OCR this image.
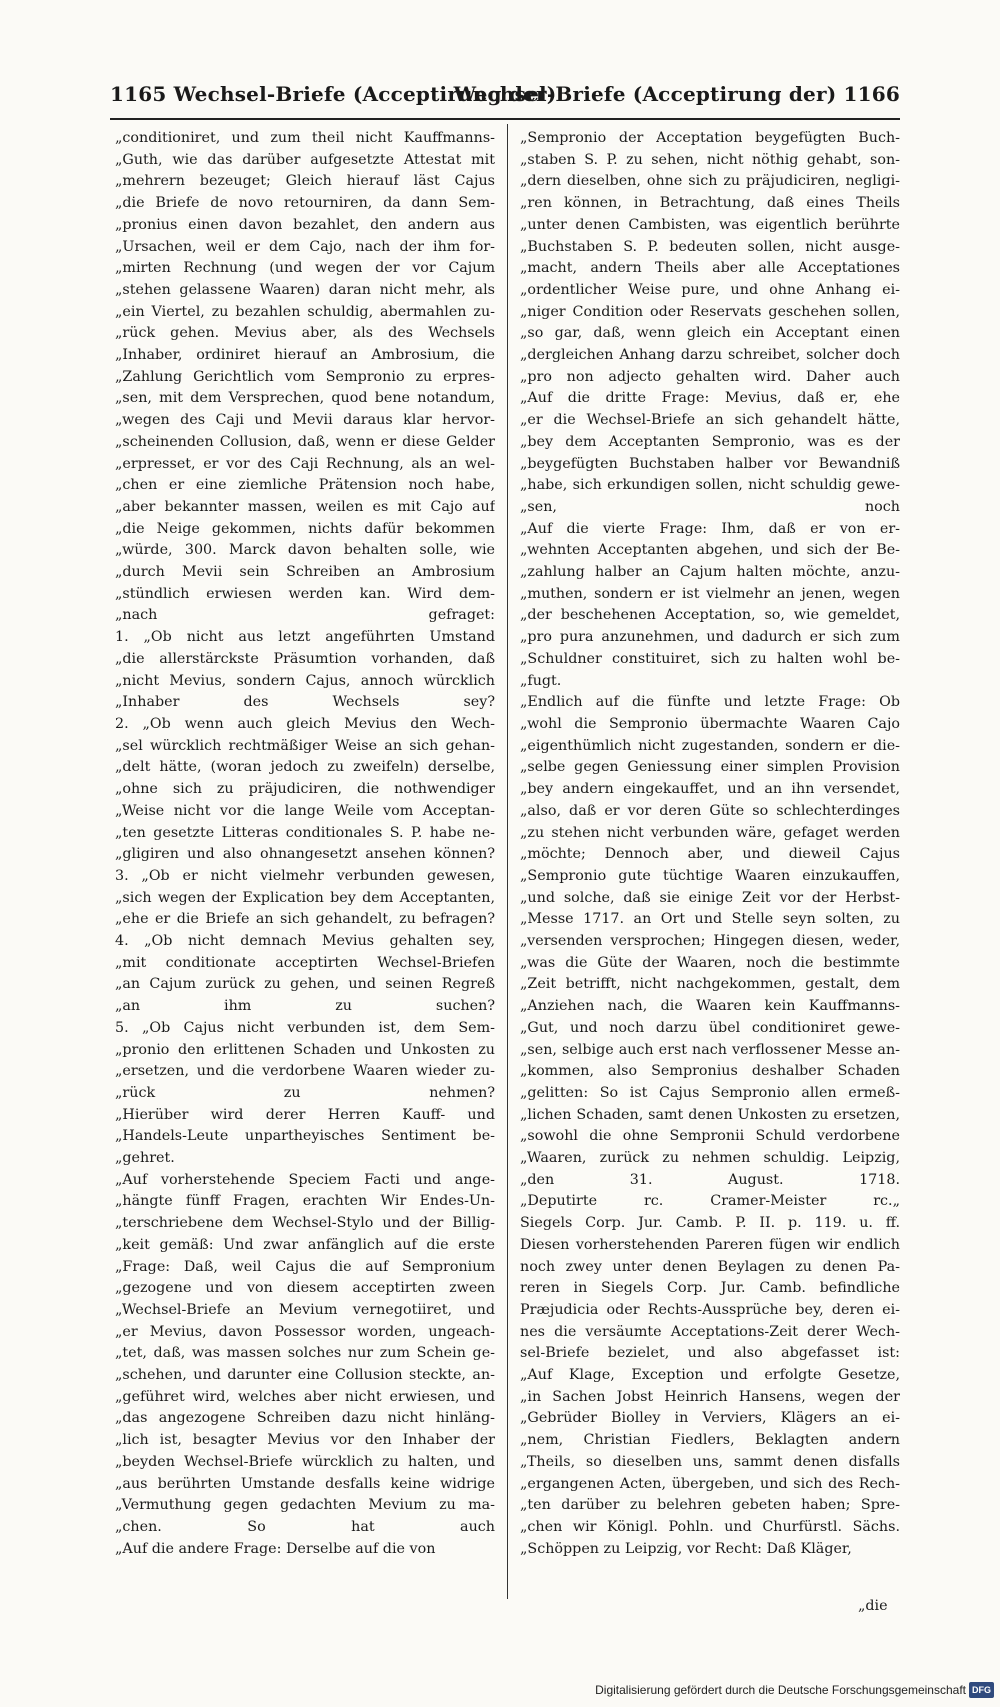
1165 Wechsel-Briefe (Acceptirung der)
Wechsel-Briefe (Acceptirung der) 1166
„conditioniret, und zum theil nicht Kauffmanns-
„Guth, wie das darüber aufgesetzte Attestat mit
„mehrern bezeuget; Gleich hierauf läst Cajus
„die Briefe de novo retourniren, da dann Sem-
„pronius einen davon bezahlet, den andern aus
„Ursachen, weil er dem Cajo, nach der ihm for-
„mirten Rechnung (und wegen der vor Cajum
„stehen gelassene Waaren) daran nicht mehr, als
„ein Viertel, zu bezahlen schuldig, abermahlen zu-
„rück gehen. Mevius aber, als des Wechsels
„Inhaber, ordiniret hierauf an Ambrosium, die
„Zahlung Gerichtlich vom Sempronio zu erpres-
„sen, mit dem Versprechen, quod bene notandum,
„wegen des Caji und Mevii daraus klar hervor-
„scheinenden Collusion, daß, wenn er diese Gelder
„erpresset, er vor des Caji Rechnung, als an wel-
„chen er eine ziemliche Prätension noch habe,
„aber bekannter massen, weilen es mit Cajo auf
„die Neige gekommen, nichts dafür bekommen
„würde, 300. Marck davon behalten solle, wie
„durch Mevii sein Schreiben an Ambrosium
„stündlich erwiesen werden kan. Wird dem-
„nach gefraget:
1. „Ob nicht aus letzt angeführten Umstand
„die allerstärckste Präsumtion vorhanden, daß
„nicht Mevius, sondern Cajus, annoch würcklich
„Inhaber des Wechsels sey?
2. „Ob wenn auch gleich Mevius den Wech-
„sel würcklich rechtmäßiger Weise an sich gehan-
„delt hätte, (woran jedoch zu zweifeln) derselbe,
„ohne sich zu präjudiciren, die nothwendiger
„Weise nicht vor die lange Weile vom Acceptan-
„ten gesetzte Litteras conditionales S. P. habe ne-
„gligiren und also ohnangesetzt ansehen können?
3. „Ob er nicht vielmehr verbunden gewesen,
„sich wegen der Explication bey dem Acceptanten,
„ehe er die Briefe an sich gehandelt, zu befragen?
4. „Ob nicht demnach Mevius gehalten sey,
„mit conditionate acceptirten Wechsel-Briefen
„an Cajum zurück zu gehen, und seinen Regreß
„an ihm zu suchen?
5. „Ob Cajus nicht verbunden ist, dem Sem-
„pronio den erlittenen Schaden und Unkosten zu
„ersetzen, und die verdorbene Waaren wieder zu-
„rück zu nehmen?
„Hierüber wird derer Herren Kauff- und
„Handels-Leute unpartheyisches Sentiment be-
„gehret.
„Auf vorherstehende Speciem Facti und ange-
„hängte fünff Fragen, erachten Wir Endes-Un-
„terschriebene dem Wechsel-Stylo und der Billig-
„keit gemäß: Und zwar anfänglich auf die erste
„Frage: Daß, weil Cajus die auf Sempronium
„gezogene und von diesem acceptirten zween
„Wechsel-Briefe an Mevium vernegotiiret, und
„er Mevius, davon Possessor worden, ungeach-
„tet, daß, was massen solches nur zum Schein ge-
„schehen, und darunter eine Collusion steckte, an-
„geführet wird, welches aber nicht erwiesen, und
„das angezogene Schreiben dazu nicht hinläng-
„lich ist, besagter Mevius vor den Inhaber der
„beyden Wechsel-Briefe würcklich zu halten, und
„aus berührten Umstande desfalls keine widrige
„Vermuthung gegen gedachten Mevium zu ma-
„chen. So hat auch
„Auf die andere Frage: Derselbe auf die von
„Sempronio der Acceptation beygefügten Buch-
„staben S. P. zu sehen, nicht nöthig gehabt, son-
„dern dieselben, ohne sich zu präjudiciren, negligi-
„ren können, in Betrachtung, daß eines Theils
„unter denen Cambisten, was eigentlich berührte
„Buchstaben S. P. bedeuten sollen, nicht ausge-
„macht, andern Theils aber alle Acceptationes
„ordentlicher Weise pure, und ohne Anhang ei-
„niger Condition oder Reservats geschehen sollen,
„so gar, daß, wenn gleich ein Acceptant einen
„dergleichen Anhang darzu schreibet, solcher doch
„pro non adjecto gehalten wird. Daher auch
„Auf die dritte Frage: Mevius, daß er, ehe
„er die Wechsel-Briefe an sich gehandelt hätte,
„bey dem Acceptanten Sempronio, was es der
„beygefügten Buchstaben halber vor Bewandniß
„habe, sich erkundigen sollen, nicht schuldig gewe-
„sen, noch
„Auf die vierte Frage: Ihm, daß er von er-
„wehnten Acceptanten abgehen, und sich der Be-
„zahlung halber an Cajum halten möchte, anzu-
„muthen, sondern er ist vielmehr an jenen, wegen
„der beschehenen Acceptation, so, wie gemeldet,
„pro pura anzunehmen, und dadurch er sich zum
„Schuldner constituiret, sich zu halten wohl be-
„fugt.
„Endlich auf die fünfte und letzte Frage: Ob
„wohl die Sempronio übermachte Waaren Cajo
„eigenthümlich nicht zugestanden, sondern er die-
„selbe gegen Geniessung einer simplen Provision
„bey andern eingekauffet, und an ihn versendet,
„also, daß er vor deren Güte so schlechterdinges
„zu stehen nicht verbunden wäre, gefaget werden
„möchte; Dennoch aber, und dieweil Cajus
„Sempronio gute tüchtige Waaren einzukauffen,
„und solche, daß sie einige Zeit vor der Herbst-
„Messe 1717. an Ort und Stelle seyn solten, zu
„versenden versprochen; Hingegen diesen, weder,
„was die Güte der Waaren, noch die bestimmte
„Zeit betrifft, nicht nachgekommen, gestalt, dem
„Anziehen nach, die Waaren kein Kauffmanns-
„Gut, und noch darzu übel conditioniret gewe-
„sen, selbige auch erst nach verflossener Messe an-
„kommen, also Sempronius deshalber Schaden
„gelitten: So ist Cajus Sempronio allen ermeß-
„lichen Schaden, samt denen Unkosten zu ersetzen,
„sowohl die ohne Sempronii Schuld verdorbene
„Waaren, zurück zu nehmen schuldig. Leipzig,
„den 31. August. 1718.
„Deputirte rc. Cramer-Meister rc.„
Siegels Corp. Jur. Camb. P. II. p. 119. u. ff.
Diesen vorherstehenden Pareren fügen wir endlich
noch zwey unter denen Beylagen zu denen Pa-
reren in Siegels Corp. Jur. Camb. befindliche
Præjudicia oder Rechts-Aussprüche bey, deren ei-
nes die versäumte Acceptations-Zeit derer Wech-
sel-Briefe bezielet, und also abgefasset ist:
„Auf Klage, Exception und erfolgte Gesetze,
„in Sachen Jobst Heinrich Hansens, wegen der
„Gebrüder Biolley in Verviers, Klägers an ei-
„nem, Christian Fiedlers, Beklagten andern
„Theils, so dieselben uns, sammt denen disfalls
„ergangenen Acten, übergeben, und sich des Rech-
„ten darüber zu belehren gebeten haben; Spre-
„chen wir Königl. Pohln. und Churfürstl. Sächs.
„Schöppen zu Leipzig, vor Recht: Daß Kläger,
„die
Digitalisierung gefördert durch die Deutsche Forschungsgemeinschaft DFG
